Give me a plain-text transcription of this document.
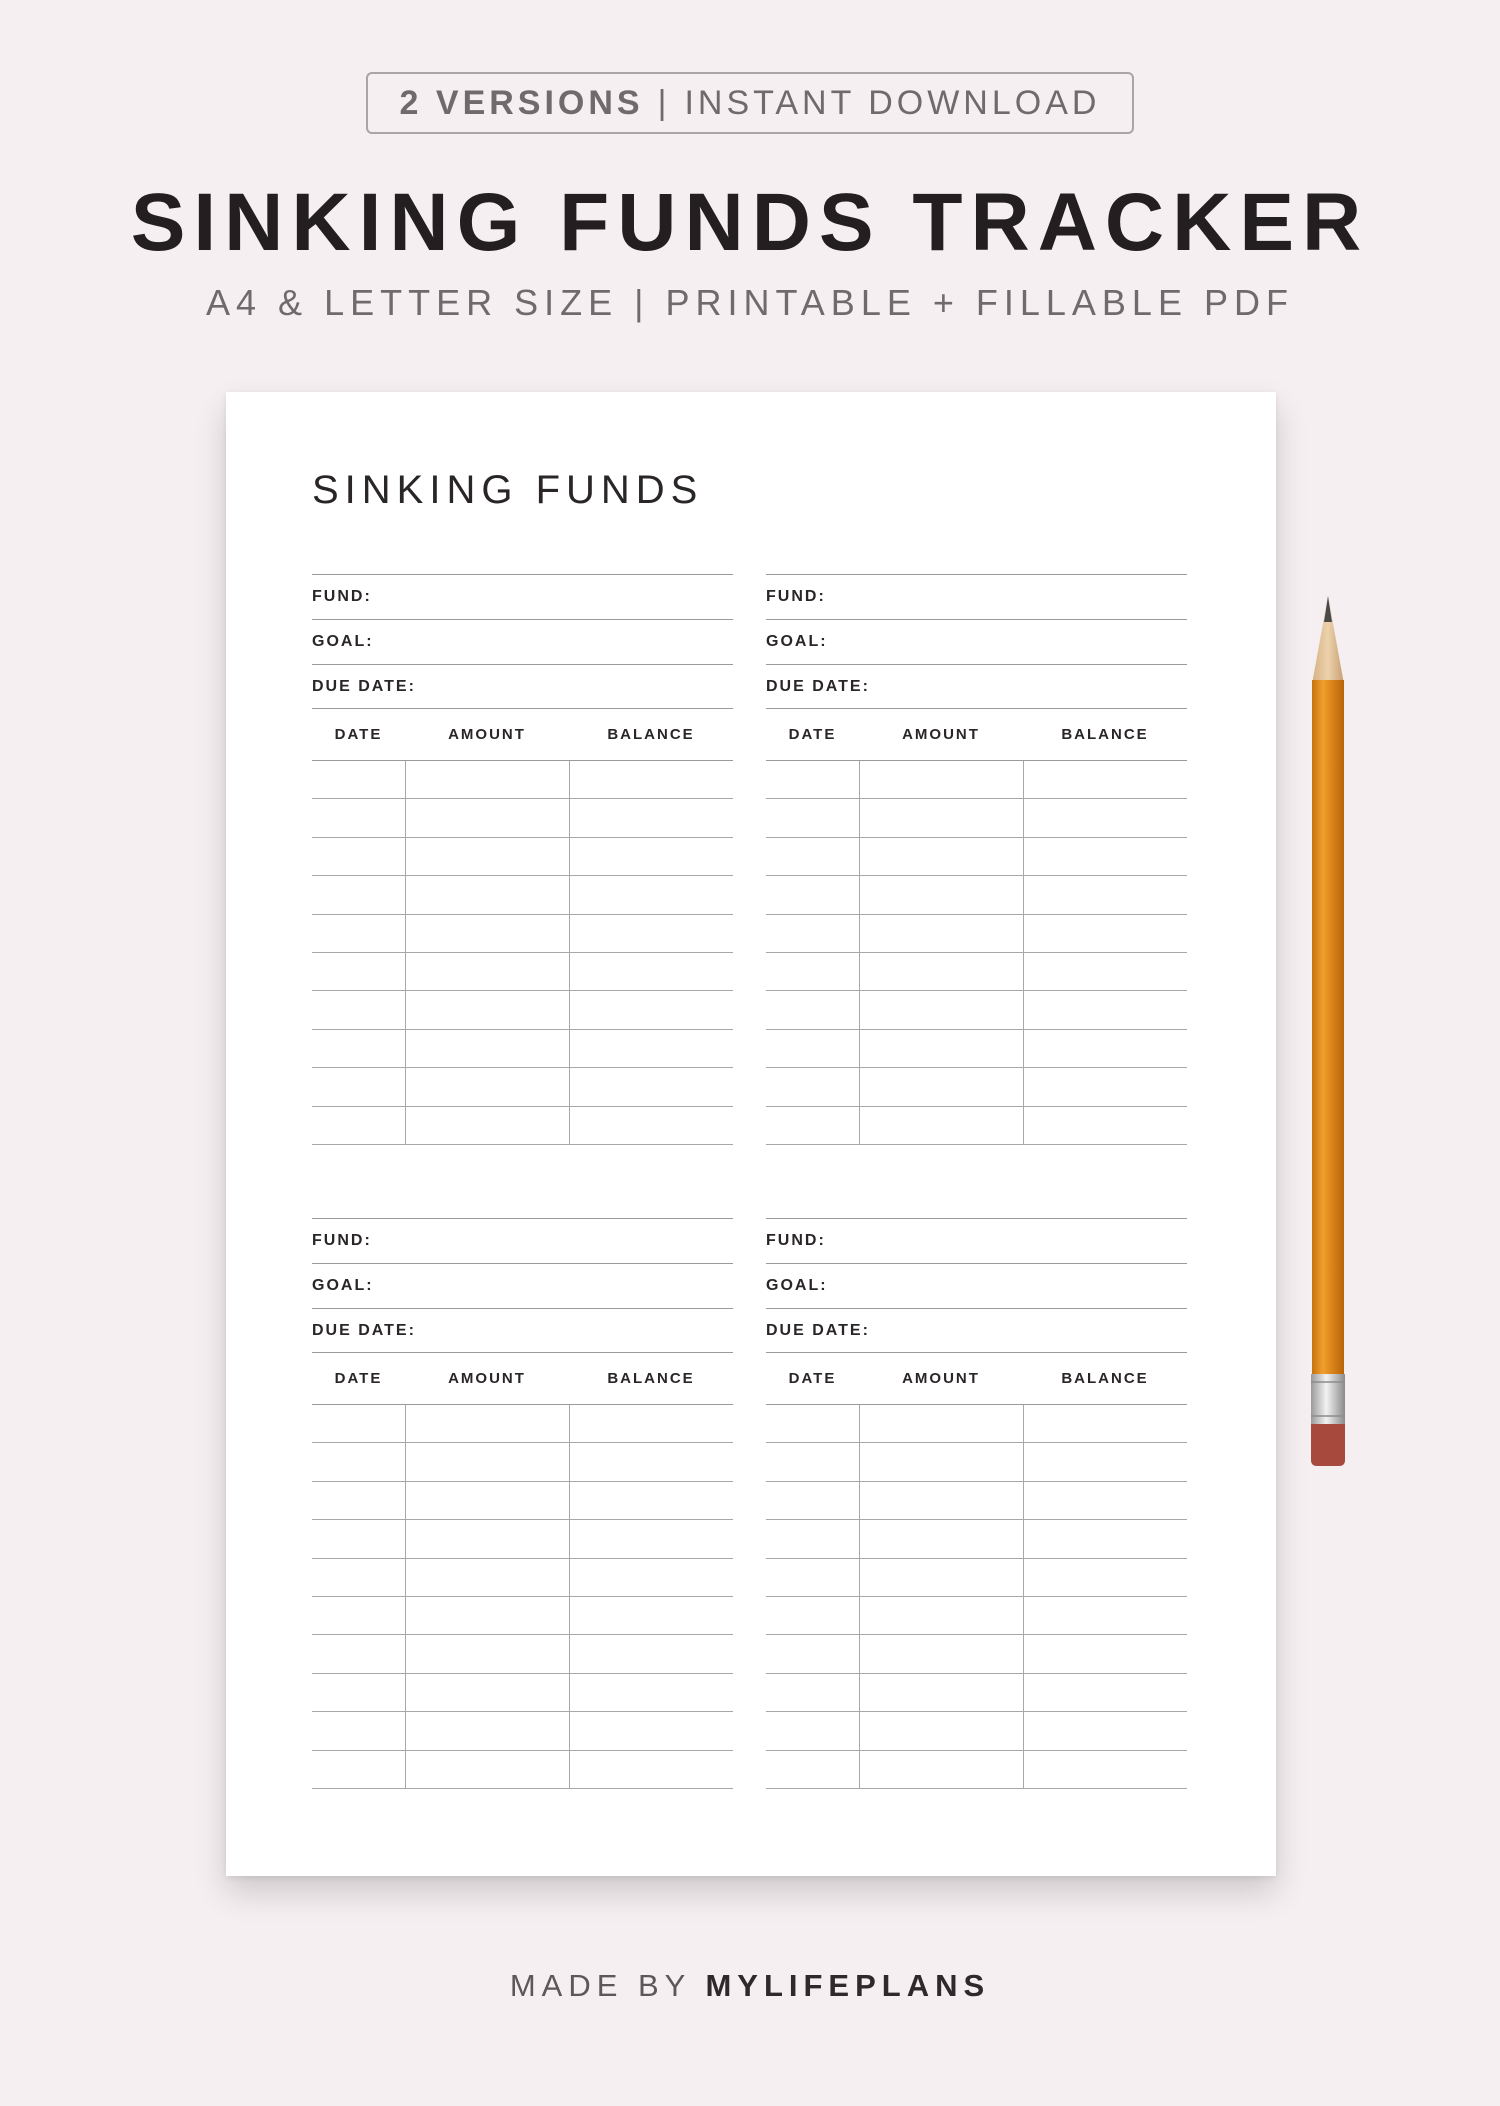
2 VERSIONS | INSTANT DOWNLOAD
SINKING FUNDS TRACKER
A4 & LETTER SIZE | PRINTABLE + FILLABLE PDF
SINKING FUNDS
FUND:
GOAL:
DUE DATE:
DATE	AMOUNT	BALANCE
FUND:
GOAL:
DUE DATE:
DATE	AMOUNT	BALANCE
FUND:
GOAL:
DUE DATE:
DATE	AMOUNT	BALANCE
FUND:
GOAL:
DUE DATE:
DATE	AMOUNT	BALANCE
MADE BY MYLIFEPLANS
